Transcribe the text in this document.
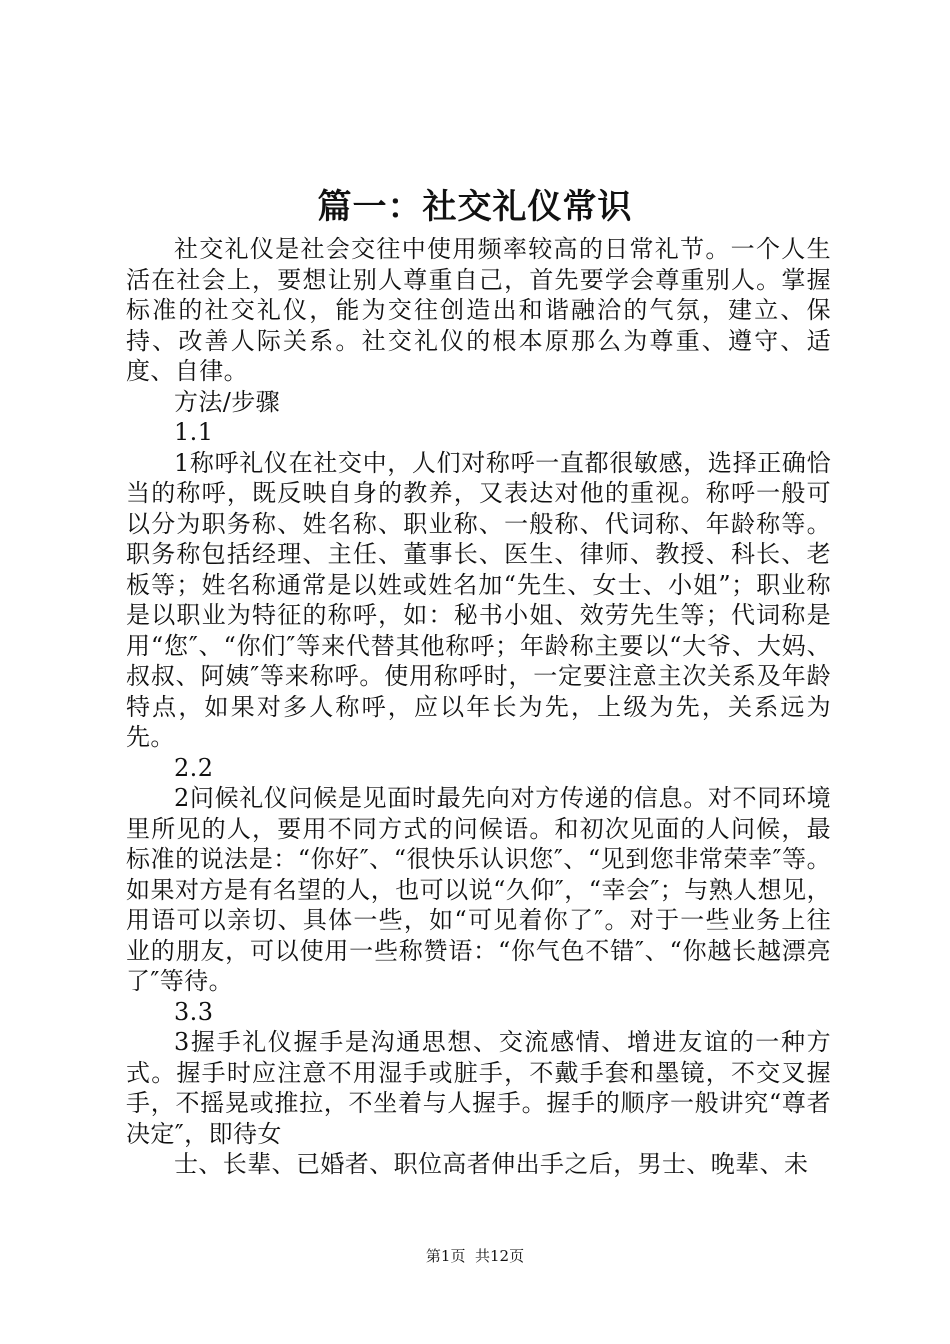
篇一：社交礼仪常识

社交礼仪是社会交往中使用频率较高的日常礼节。一个人生活在社会上，要想让别人尊重自己，首先要学会尊重别人。掌握标准的社交礼仪，能为交往创造出和谐融洽的气氛，建立、保持、改善人际关系。社交礼仪的根本原那么为尊重、遵守、适度、自律。

方法/步骤

1.1

1称呼礼仪在社交中，人们对称呼一直都很敏感，选择正确恰当的称呼，既反映自身的教养，又表达对他的重视。称呼一般可以分为职务称、姓名称、职业称、一般称、代词称、年龄称等。职务称包括经理、主任、董事长、医生、律师、教授、科长、老板等；姓名称通常是以姓或姓名加“先生、女士、小姐”；职业称是以职业为特征的称呼，如：秘书小姐、效劳先生等；代词称是用“您″、“你们″等来代替其他称呼；年龄称主要以“大爷、大妈、叔叔、阿姨″等来称呼。使用称呼时，一定要注意主次关系及年龄特点，如果对多人称呼，应以年长为先，上级为先，关系远为先。

2.2

2问候礼仪问候是见面时最先向对方传递的信息。对不同环境里所见的人，要用不同方式的问候语。和初次见面的人问候，最标准的说法是：“你好″、“很快乐认识您″、“见到您非常荣幸″等。如果对方是有名望的人，也可以说“久仰″，“幸会″；与熟人想见，用语可以亲切、具体一些，如“可见着你了″。对于一些业务上往业的朋友，可以使用一些称赞语：“你气色不错″、“你越长越漂亮了″等待。

3.3

3握手礼仪握手是沟通思想、交流感情、增进友谊的一种方式。握手时应注意不用湿手或脏手，不戴手套和墨镜，不交叉握手，不摇晃或推拉，不坐着与人握手。握手的顺序一般讲究“尊者决定″，即待女

士、长辈、已婚者、职位高者伸出手之后，男士、晚辈、未

第1页 共12页
